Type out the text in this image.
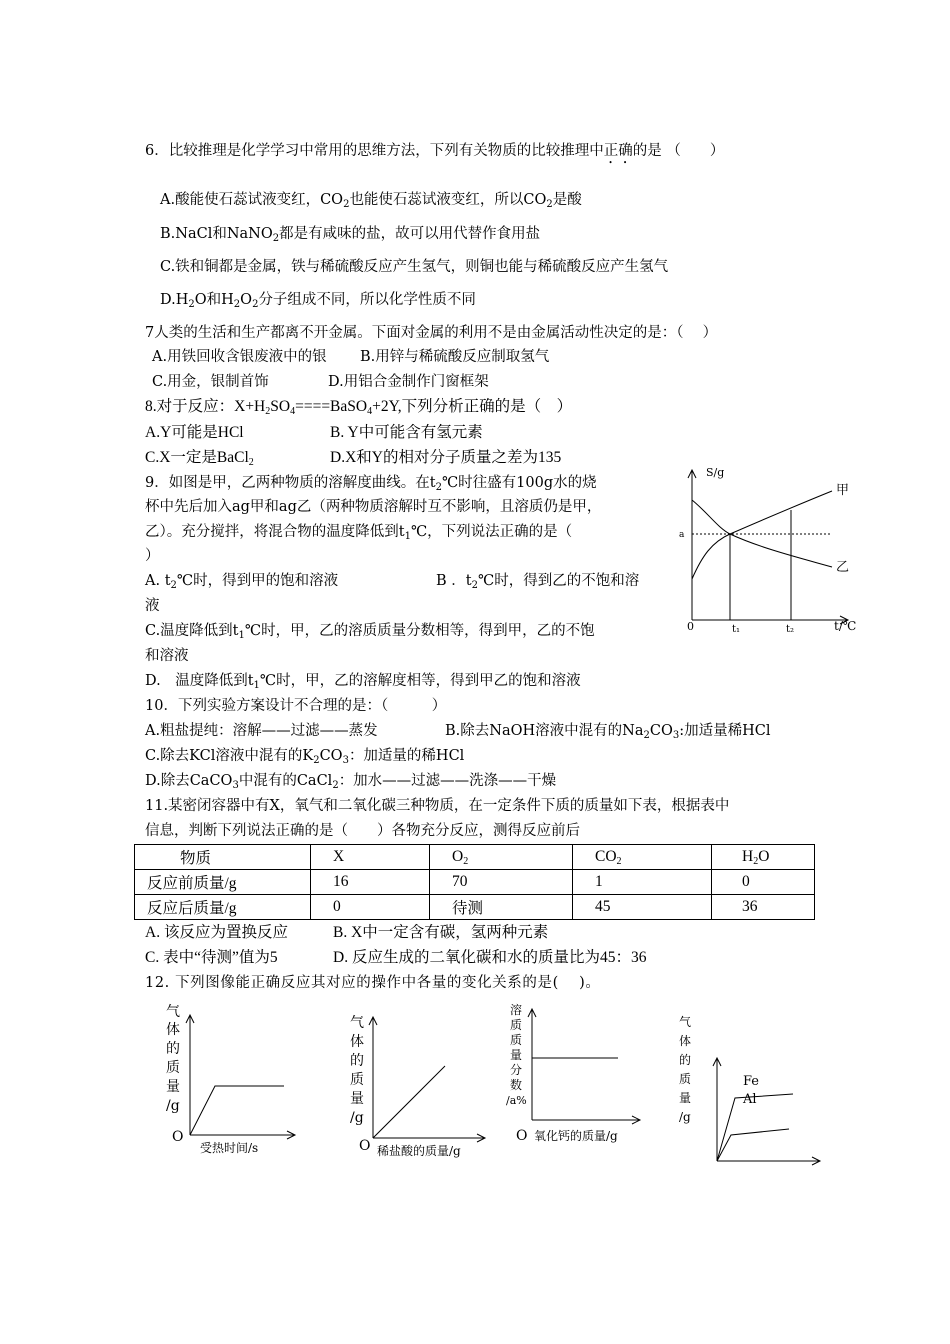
6．比较推理是化学学习中常用的思维方法，下列有关物质的比较推理中正确的是 （　　）
A.酸能使石蕊试液变红，$CO_2$也能使石蕊试液变红，所以$CO_2$是酸
B.NaCl和NaNO$_2$都是有咸味的盐，故可以用代替作食用盐
C.铁和铜都是金属，铁与稀硫酸反应产生氢气，则铜也能与稀硫酸反应产生氢气
$D.H_2O$和$H_2O_2$分子组成不同，所以化学性质不同
7人类的生活和生产都离不开金属。下面对金属的利用不是由金属活动性决定的是：（　 ）
A.用铁回收含银废液中的银 B.用锌与稀硫酸反应制取氢气
C.用金，银制首饰	D.用铝合金制作门窗框架
8.对于反应：$X+H_2SO_4====BaSO_4+2Y$,下列分析正确的是（　）
A.Y可能是HCl	B. Y中可能含有氢元素
C.X一定是BaCl$_2$	D.X和Y的相对分子质量之差为135
9．如图是甲，乙两种物质的溶解度曲线。在$t_2℃$时往盛有100g水的烧
杯中先后加入ag甲和ag乙（两种物质溶解时互不影响，且溶质仍是甲，
乙）。充分搅拌，将混合物的温度降低到$t_1℃$，下列说法正确的是（
）
A. $t_2℃$时，得到甲的饱和溶液	B ．$t_2℃$时，得到乙的不饱和溶
液
C.温度降低到$t_1℃$时，甲，乙的溶质质量分数相等，得到甲，乙的不饱
和溶液
D.　温度降低到$t_1℃$时，甲，乙的溶解度相等，得到甲乙的饱和溶液
S/g
t/℃
0
a
t₁	t₂
甲
乙
10．下列实验方案设计不合理的是：（　　　）
A.粗盐提纯：溶解——过滤——蒸发	B.除去NaOH溶液中混有的$Na_2CO_3$:加适量稀HCl
C.除去KCl溶液中混有的$K_2CO_3$：加适量的稀HCl
D.除去CaCO$_3$中混有的CaCl$_2$：加水——过滤——洗涤——干燥
11.某密闭容器中有X，氧气和二氧化碳三种物质，在一定条件下质的质量如下表，根据表中
信息，判断下列说法正确的是（　　）各物充分反应，测得反应前后
物质	X	$O_2$	$CO_2$	$H_2O$
反应前质量/g	16	70	1	0
反应后质量/g	0	待测	45	36
A. 该反应为置换反应	B. X中一定含有碳，氢两种元素
C. 表中“待测”值为5	D. 反应生成的二氧化碳和水的质量比为45：36
12. 下列图像能正确反应其对应的操作中各量的变化关系的是(　 )。
气
体
的
质
量
/g
O
受热时间/s
气
体
的
质
量
/g
O 稀盐酸的质量/g
溶
质
质
量
分
数
/a%
O 氧化钙的质量/g
气
体
的
质
量
/g
Fe
Al
